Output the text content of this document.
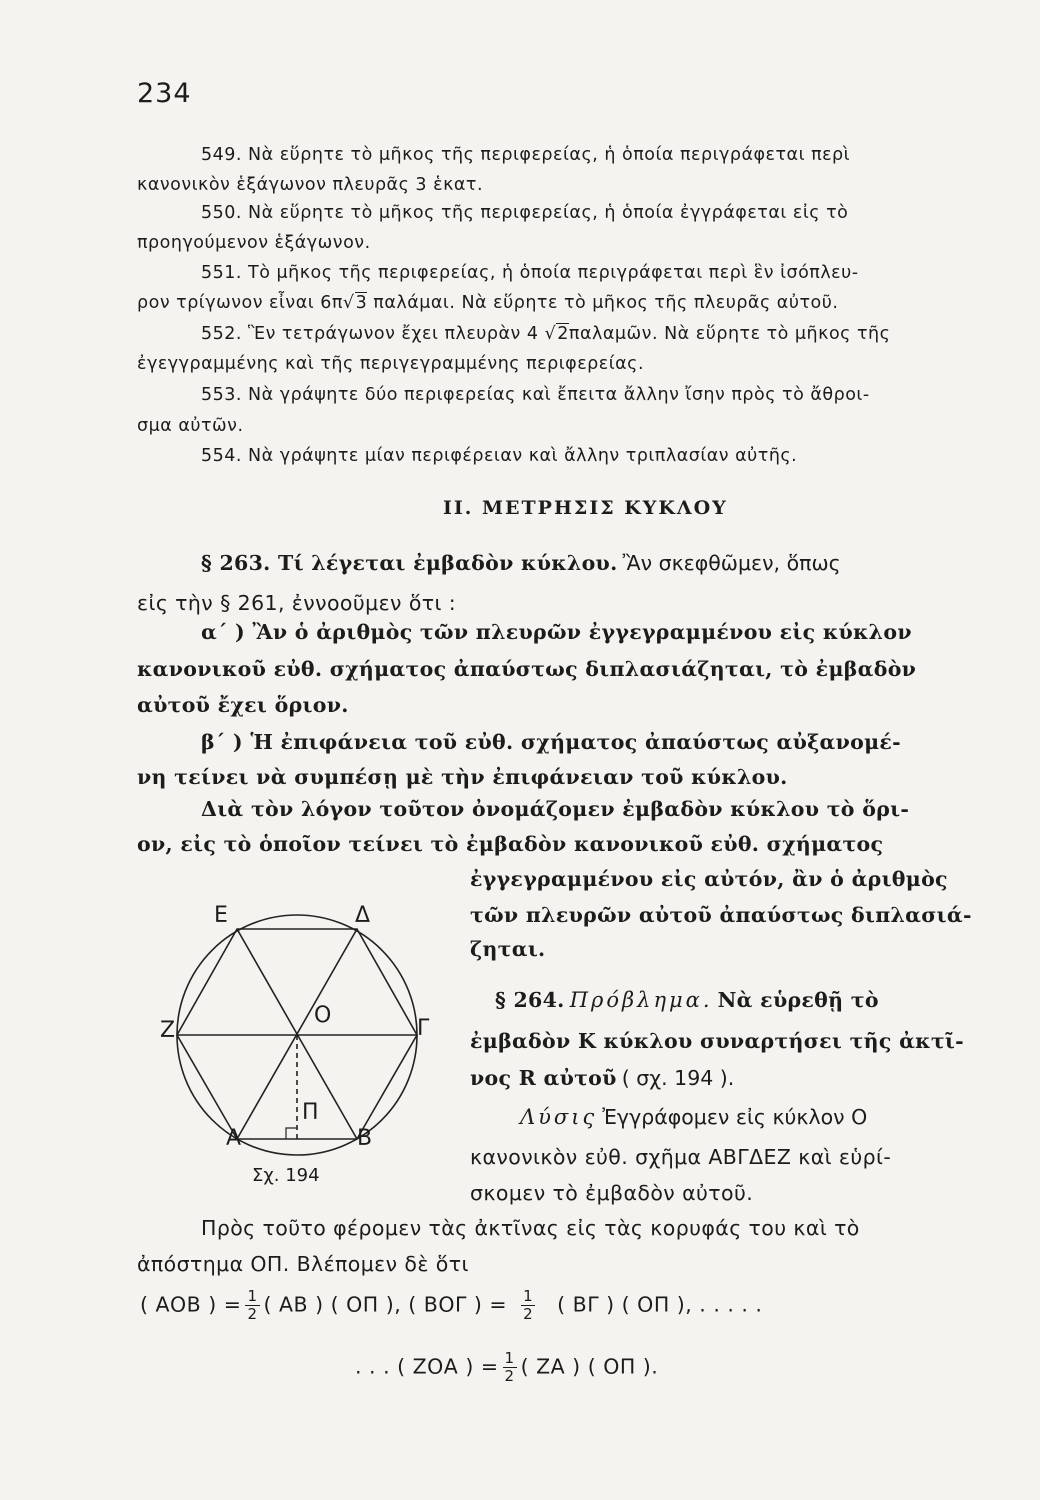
234
549. Νὰ εὕρητε τὸ μῆκος τῆς περιφερείας, ἡ ὁποία περιγράφεται περὶ
κανονικὸν ἑξάγωνον πλευρᾶς 3 ἑκατ.
550. Νὰ εὕρητε τὸ μῆκος τῆς περιφερείας, ἡ ὁποία ἐγγράφεται εἰς τὸ
προηγούμενον ἑξάγωνον.
551. Τὸ μῆκος τῆς περιφερείας, ἡ ὁποία περιγράφεται περὶ ἓν ἰσόπλευ-
ρον τρίγωνον εἶναι 6π√3 παλάμαι. Νὰ εὕρητε τὸ μῆκος τῆς πλευρᾶς αὐτοῦ.
552. Ἓν τετράγωνον ἔχει πλευρὰν 4 √2παλαμῶν. Νὰ εὕρητε τὸ μῆκος τῆς
ἐγεγγραμμένης καὶ τῆς περιγεγραμμένης περιφερείας.
553. Νὰ γράψητε δύο περιφερείας καὶ ἔπειτα ἄλλην ἴσην πρὸς τὸ ἄθροι-
σμα αὐτῶν.
554. Νὰ γράψητε μίαν περιφέρειαν καὶ ἄλλην τριπλασίαν αὐτῆς.
ΙΙ. ΜΕΤΡΗΣΙΣ ΚΥΚΛΟΥ
§ 263. Τί λέγεται ἐμβαδὸν κύκλου. Ἂν σκεφθῶμεν, ὅπως
εἰς τὴν § 261, ἐννοοῦμεν ὅτι :
α΄ ) Ἂν ὁ ἀριθμὸς τῶν πλευρῶν ἐγγεγραμμένου εἰς κύκλον
κανονικοῦ εὐθ. σχήματος ἀπαύστως διπλασιάζηται, τὸ ἐμβαδὸν
αὐτοῦ ἔχει ὅριον.
β΄ ) Ἡ ἐπιφάνεια τοῦ εὐθ. σχήματος ἀπαύστως αὐξανομέ-
νη τείνει νὰ συμπέσῃ μὲ τὴν ἐπιφάνειαν τοῦ κύκλου.
Διὰ τὸν λόγον τοῦτον ὀνομάζομεν ἐμβαδὸν κύκλου τὸ ὅρι-
ον, εἰς τὸ ὁποῖον τείνει τὸ ἐμβαδὸν κανονικοῦ εὐθ. σχήματος
ἐγγεγραμμένου εἰς αὐτόν, ἂν ὁ ἀριθμὸς
τῶν πλευρῶν αὐτοῦ ἀπαύστως διπλασιά-
ζηται.
Ε	Δ
Ζ
Ο
Γ
Π
Α	Β
Σχ. 194
§ 264. Πρόβλημα. Νὰ εὑρεθῇ τὸ
ἐμβαδὸν Κ κύκλου συναρτήσει τῆς ἀκτῖ-
νος R αὐτοῦ ( σχ. 194 ).
Λύσις Ἐγγράφομεν εἰς κύκλον Ο
κανονικὸν εὐθ. σχῆμα ΑΒΓΔΕΖ καὶ εὑρί-
σκομεν τὸ ἐμβαδὸν αὐτοῦ.
Πρὸς τοῦτο φέρομεν τὰς ἀκτῖνας εἰς τὰς κορυφάς του καὶ τὸ
ἀπόστημα ΟΠ. Βλέπομεν δὲ ὅτι
( ΑΟΒ ) = $\frac{1}{2}$ ( ΑΒ ) ( ΟΠ ), ( ΒΟΓ ) = $\frac{1}{2}$ ( ΒΓ ) ( ΟΠ ), . . . . .
. . . ( ΖΟΑ ) = $\frac{1}{2}$ ( ΖΑ ) ( ΟΠ ).
